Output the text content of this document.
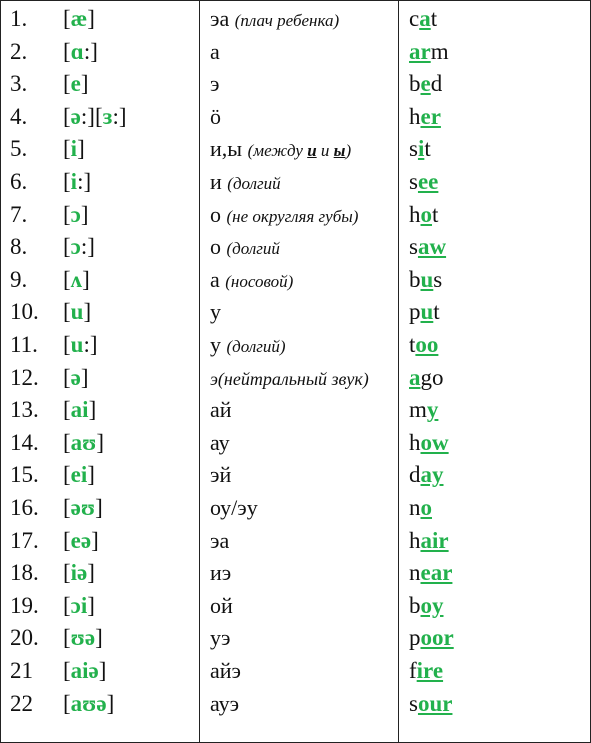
1. [æ]	эа (плач ребенка)	cat
2. [ɑ:]	а	arm
3. [e]	э	bed
4. [ə:][ɜ:]	ö	her
5. [i]	и,ы (между и и ы)	sit
6. [i:]	и (долгий	see
7. [ɔ]	о (не округляя губы) hot
8. [ɔ:]	о (долгий	saw
9. [ʌ]	а (носовой)	bus
10. [u]	у	put
11. [u:]	у (долгий)	too
12. [ə]	э(нейтральный звук) ago
13. [ai]	ай	my
14. [aʊ]	ау	how
15. [ei]	эй	day
16. [əʊ]	оу/эу	no
17. [eə]	эа	hair
18. [iə]	иэ	near
19. [ɔi]	ой	boy
20. [ʊə]	уэ	poor
21 [aiə]	айэ	fire
22 [aʊə]	ауэ	sour
